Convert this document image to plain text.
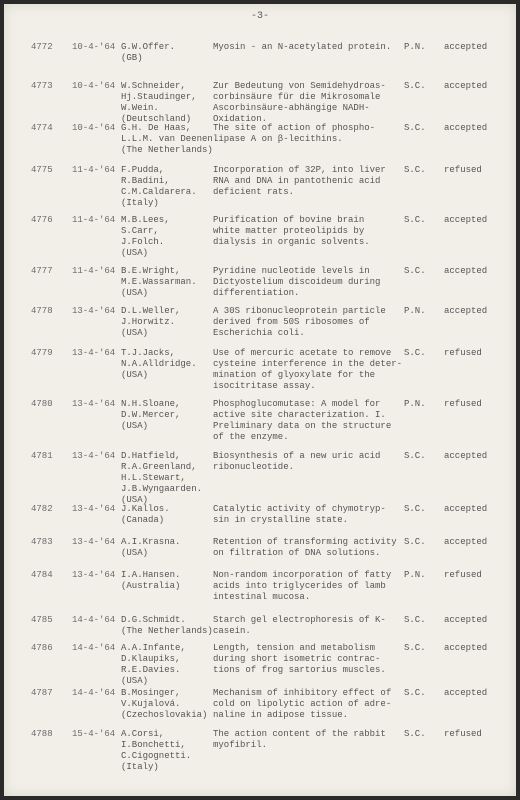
-3-
4772 10-4-'64 G.W.Offer.
(GB)
Myosin - an N-acetylated protein. P.N. accepted
4773 10-4-'64 W.Schneider,
Hj.Staudinger,
W.Wein.
(Deutschland)
Zur Bedeutung von Semidehydroas-
corbinsäure für die Mikrosomale
Ascorbinsäure-abhängige NADH-
Oxidation.
S.C. accepted
4774 10-4-'64 G.H. De Haas,
L.L.M. van Deenen.
(The Netherlands)
The site of action of phospho-
lipase A on β-lecithins.
S.C. accepted
4775 11-4-'64 F.Pudda,
R.Badini,
C.M.Caldarera.
(Italy)
Incorporation of 32P, into liver
RNA and DNA in pantothenic acid
deficient rats.
S.C. refused
4776 11-4-'64 M.B.Lees,
S.Carr,
J.Folch.
(USA)
Purification of bovine brain
white matter proteolipids by
dialysis in organic solvents.
S.C. accepted
4777 11-4-'64 B.E.Wright,
M.E.Wassarman.
(USA)
Pyridine nucleotide levels in
Dictyostelium discoideum during
differentiation.
S.C. accepted
4778 13-4-'64 D.L.Weller,
J.Horwitz.
(USA)
A 30S ribonucleoprotein particle
derived from 50S ribosomes of
Escherichia coli.
P.N. accepted
4779 13-4-'64 T.J.Jacks,
N.A.Alldridge.
(USA)
Use of mercuric acetate to remove
cysteine interference in the deter-
mination of glyoxylate for the
isocitritase assay.
S.C. refused
4780 13-4-'64 N.H.Sloane,
D.W.Mercer,
(USA)
Phosphoglucomutase: A model for
active site characterization. I.
Preliminary data on the structure
of the enzyme.
P.N. refused
4781 13-4-'64 D.Hatfield,
R.A.Greenland,
H.L.Stewart,
J.B.Wyngaarden.
(USA)
Biosynthesis of a new uric acid
ribonucleotide.
S.C. accepted
4782 13-4-'64 J.Kallos.
(Canada)
Catalytic activity of chymotryp-
sin in crystalline state.
S.C. accepted
4783 13-4-'64 A.I.Krasna.
(USA)
Retention of transforming activity
on filtration of DNA solutions.
S.C. accepted
4784 13-4-'64 I.A.Hansen.
(Australia)
Non-random incorporation of fatty
acids into triglycerides of lamb
intestinal mucosa.
P.N. refused
4785 14-4-'64 D.G.Schmidt.
(The Netherlands)
Starch gel electrophoresis of K-
casein.
S.C. accepted
4786 14-4-'64 A.A.Infante,
D.Klaupiks,
R.E.Davies.
(USA)
Length, tension and metabolism
during short isometric contrac-
tions of frog sartorius muscles.
S.C. accepted
4787 14-4-'64 B.Mosinger,
V.Kujalová.
(Czechoslovakia)
Mechanism of inhibitory effect of
cold on lipolytic action of adre-
naline in adipose tissue.
S.C. accepted
4788 15-4-'64 A.Corsi,
I.Bonchetti,
C.Cigognetti.
(Italy)
The action content of the rabbit
myofibril.
S.C. refused
